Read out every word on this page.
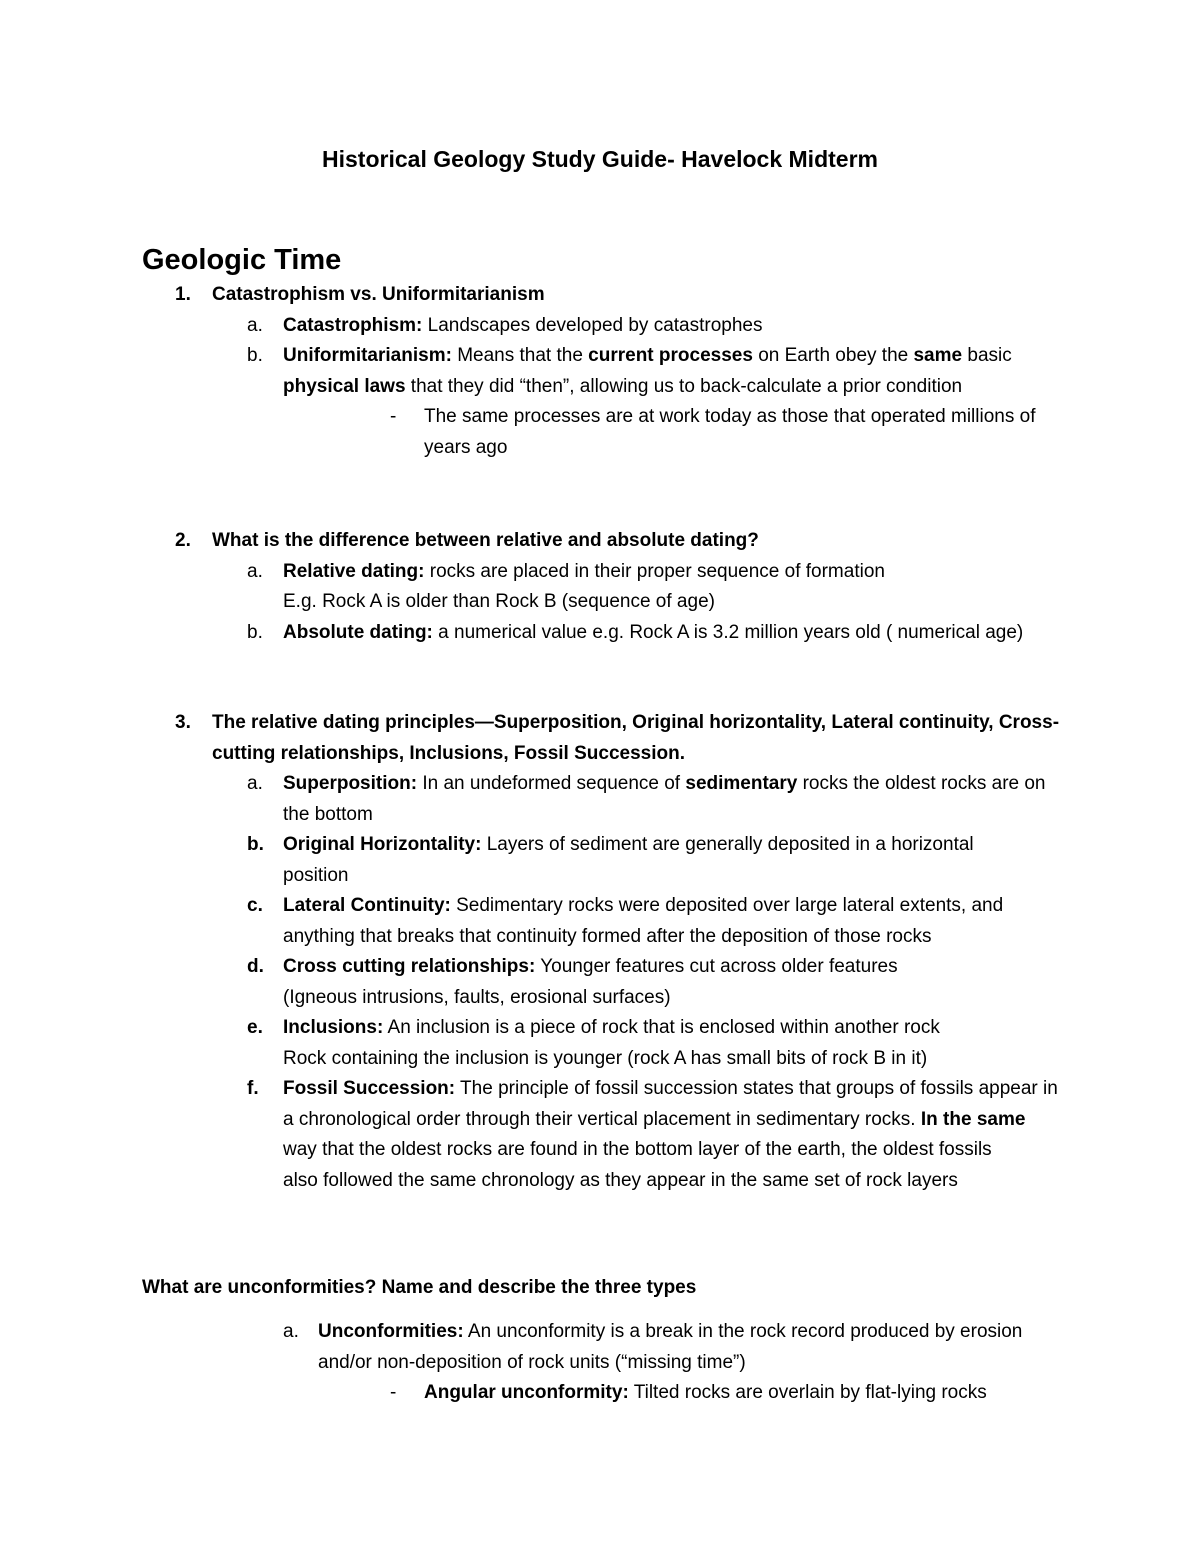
Historical Geology Study Guide- Havelock Midterm
Geologic Time
1. Catastrophism vs. Uniformitarianism
a. Catastrophism: Landscapes developed by catastrophes
b. Uniformitarianism: Means that the current processes on Earth obey the same basic
physical laws that they did “then”, allowing us to back-calculate a prior condition
- The same processes are at work today as those that operated millions of
years ago
2. What is the difference between relative and absolute dating?
a. Relative dating: rocks are placed in their proper sequence of formation
E.g. Rock A is older than Rock B (sequence of age)
b. Absolute dating: a numerical value e.g. Rock A is 3.2 million years old ( numerical age)
3. The relative dating principles—Superposition, Original horizontality, Lateral continuity, Cross-
cutting relationships, Inclusions, Fossil Succession.
a. Superposition: In an undeformed sequence of sedimentary rocks the oldest rocks are on
the bottom
b. Original Horizontality: Layers of sediment are generally deposited in a horizontal
position
c. Lateral Continuity: Sedimentary rocks were deposited over large lateral extents, and
anything that breaks that continuity formed after the deposition of those rocks
d. Cross cutting relationships: Younger features cut across older features
(Igneous intrusions, faults, erosional surfaces)
e. Inclusions: An inclusion is a piece of rock that is enclosed within another rock
Rock containing the inclusion is younger (rock A has small bits of rock B in it)
f. Fossil Succession: The principle of fossil succession states that groups of fossils appear in
a chronological order through their vertical placement in sedimentary rocks. In the same
way that the oldest rocks are found in the bottom layer of the earth, the oldest fossils
also followed the same chronology as they appear in the same set of rock layers
What are unconformities? Name and describe the three types
a. Unconformities: An unconformity is a break in the rock record produced by erosion
and/or non-deposition of rock units (“missing time”)
- Angular unconformity: Tilted rocks are overlain by flat-lying rocks
